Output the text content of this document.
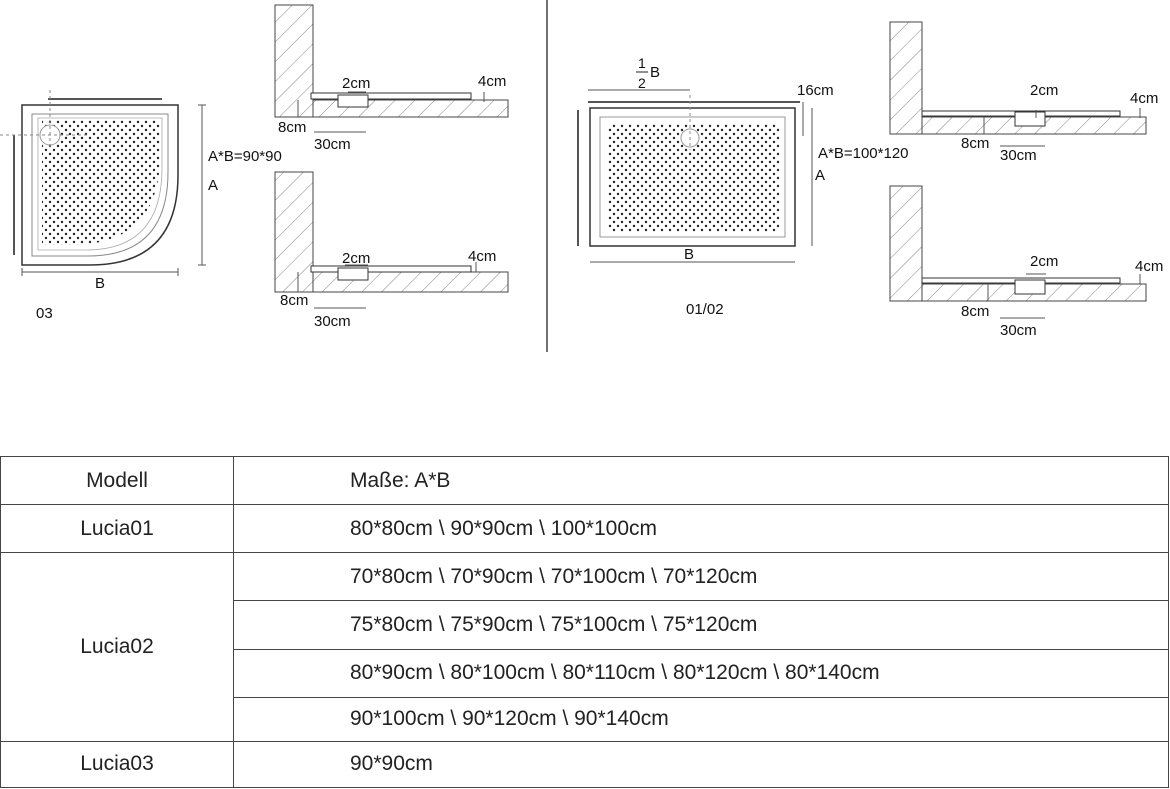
B
A
A*B=90*90
03
2cm	4cm
8cm
30cm
2cm	4cm
8cm
30cm
1
2
B
16cm
A*B=100*120
A
B
01/02
2cm	4cm
8cm
30cm
2cm	4cm
8cm
30cm
Modell	Maße: A*B
Lucia01	80*80cm \ 90*90cm \ 100*100cm
Lucia02	70*80cm \ 70*90cm \ 70*100cm \ 70*120cm
	75*80cm \ 75*90cm \ 75*100cm \ 75*120cm
	80*90cm \ 80*100cm \ 80*110cm \ 80*120cm \ 80*140cm
	90*100cm \ 90*120cm \ 90*140cm
Lucia03	90*90cm
